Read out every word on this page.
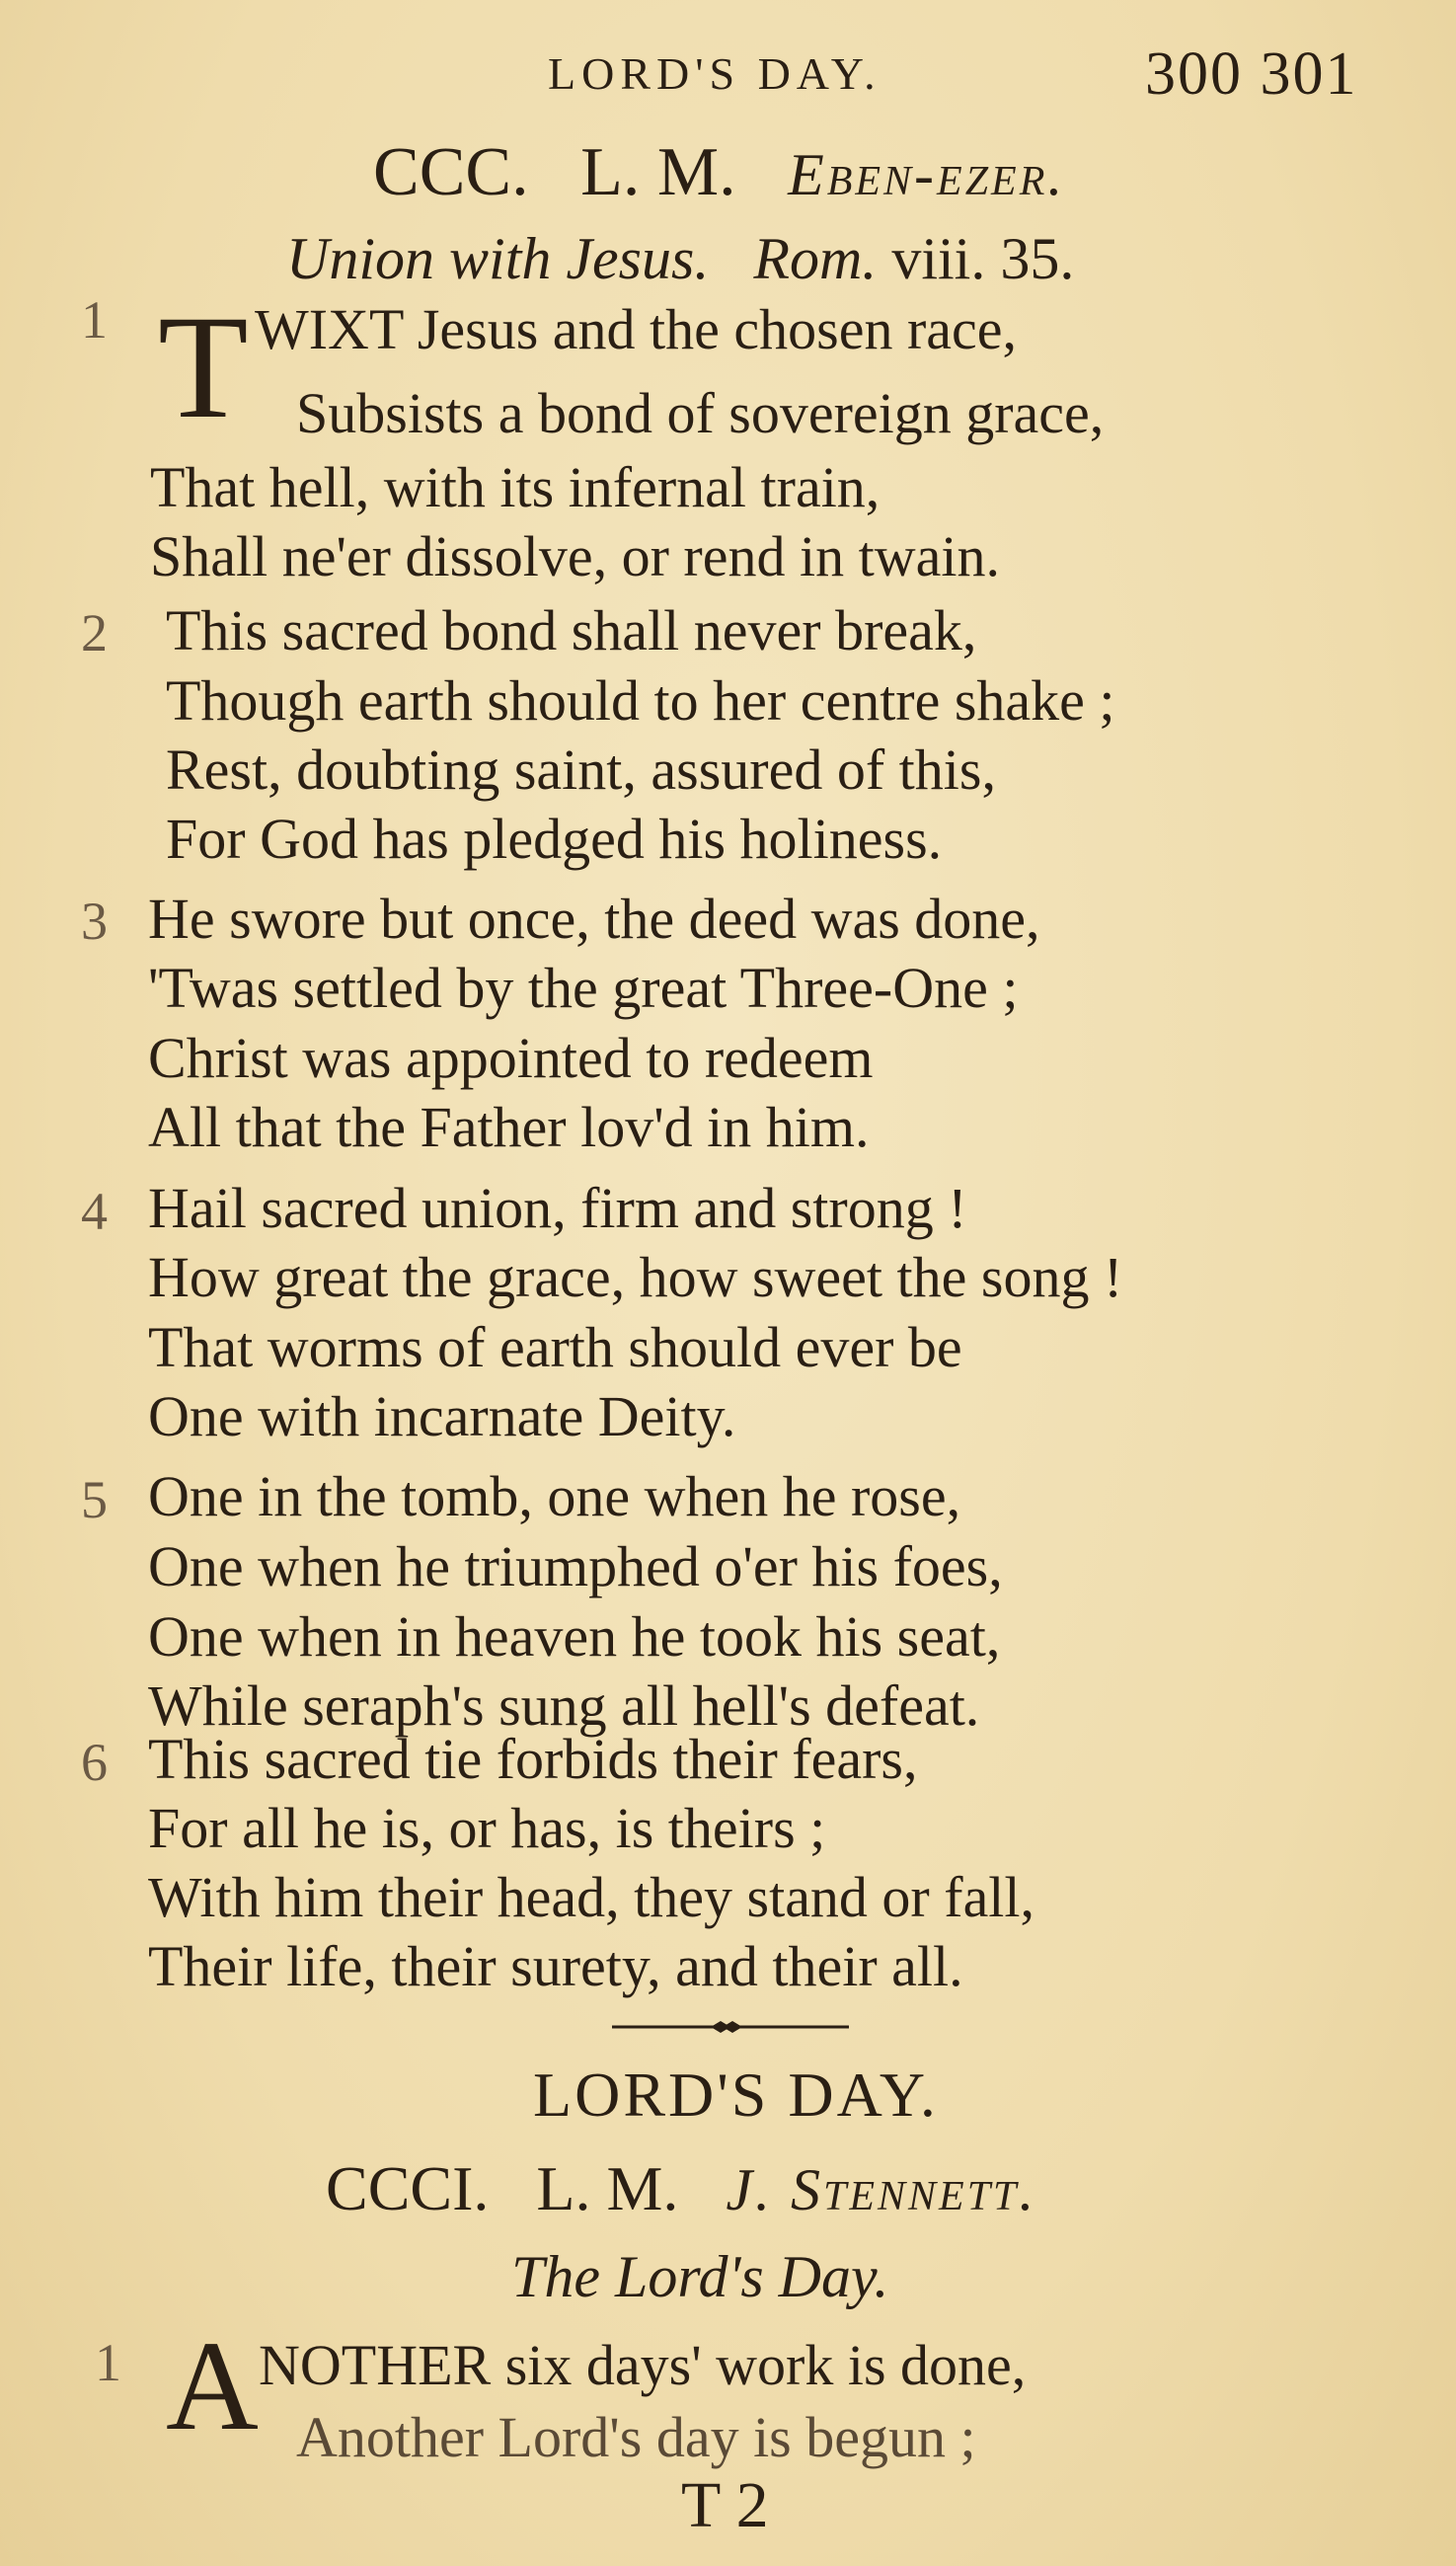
LORD'S DAY.	300 301
CCC. L. M. Eben-ezer.
Union with Jesus. Rom. viii. 35.
1 T WIXT Jesus and the chosen race,
Subsists a bond of sovereign grace,
That hell, with its infernal train,
Shall ne'er dissolve, or rend in twain.
2 This sacred bond shall never break,
Though earth should to her centre shake ;
Rest, doubting saint, assured of this,
For God has pledged his holiness.
3 He swore but once, the deed was done,
'Twas settled by the great Three-One ;
Christ was appointed to redeem
All that the Father lov'd in him.
4 Hail sacred union, firm and strong !
How great the grace, how sweet the song !
That worms of earth should ever be
One with incarnate Deity.
5 One in the tomb, one when he rose,
One when he triumphed o'er his foes,
One when in heaven he took his seat,
While seraph's sung all hell's defeat.
6 This sacred tie forbids their fears,
For all he is, or has, is theirs ;
With him their head, they stand or fall,
Their life, their surety, and their all.
LORD'S DAY.
CCCI. L. M. J. Stennett.
The Lord's Day.
1 A NOTHER six days' work is done,
Another Lord's day is begun ;
T 2
